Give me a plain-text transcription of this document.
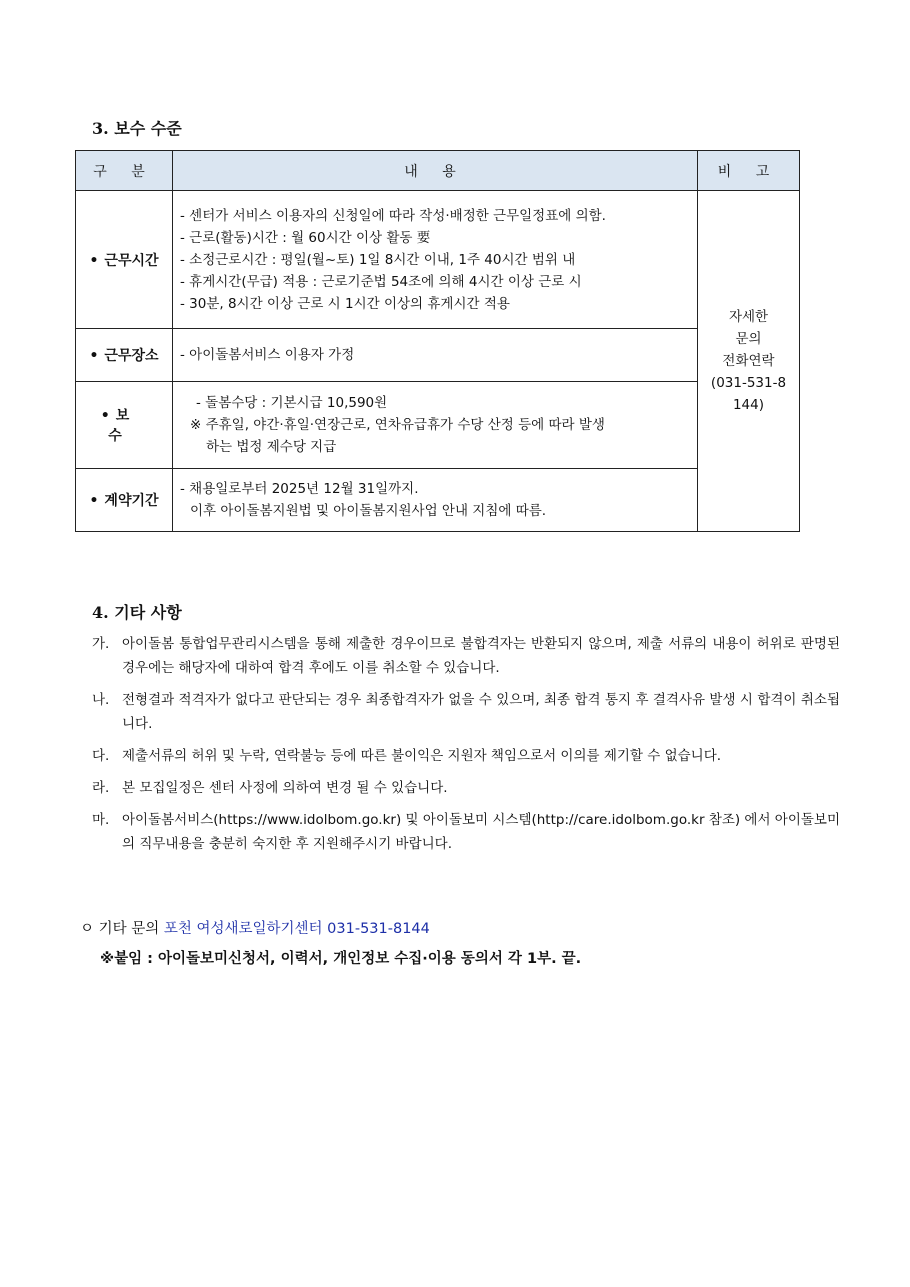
3. 보수 수준
구 분	내 용	비 고
• 근무시간	- 센터가 서비스 이용자의 신청일에 따라 작성·배정한 근무일정표에 의함.
- 근로(활동)시간 : 월 60시간 이상 활동 要
- 소정근로시간 : 평일(월~토) 1일 8시간 이내, 1주 40시간 범위 내
- 휴게시간(무급) 적용 : 근로기준법 54조에 의해 4시간 이상 근로 시
- 30분, 8시간 이상 근로 시 1시간 이상의 휴게시간 적용	자세한
문의
전화연락
(031-531-8
144)

• 근무장소	- 아이돌봄서비스 이용자 가정	

• 보 수	- 돌봄수당 : 기본시급 10,590원
※ 주휴일, 야간·휴일·연장근로, 연차유급휴가 수당 산정 등에 따라 발생
하는 법정 제수당 지급	

• 계약기간	- 채용일로부터 2025년 12월 31일까지.
이후 아이돌봄지원법 및 아이돌봄지원사업 안내 지침에 따름.	
4. 기타 사항
가. 아이돌봄 통합업무관리시스템을 통해 제출한 경우이므로 불합격자는 반환되지 않으며, 제출 서류의 내용이 허위로 판명된 경우에는 해당자에 대하여 합격 후에도 이를 취소할 수 있습니다.
나. 전형결과 적격자가 없다고 판단되는 경우 최종합격자가 없을 수 있으며, 최종 합격 통지 후 결격사유 발생 시 합격이 취소됩니다.
다. 제출서류의 허위 및 누락, 연락불능 등에 따른 불이익은 지원자 책임으로서 이의를 제기할 수 없습니다.
라. 본 모집일정은 센터 사정에 의하여 변경 될 수 있습니다.
마. 아이돌봄서비스(https://www.idolbom.go.kr) 및 아이돌보미 시스템(http://care.idolbom.go.kr 참조) 에서 아이돌보미의 직무내용을 충분히 숙지한 후 지원해주시기 바랍니다.
ㅇ 기타 문의 포천 여성새로일하기센터 031-531-8144
※붙임 : 아이돌보미신청서, 이력서, 개인정보 수집·이용 동의서 각 1부. 끝.
